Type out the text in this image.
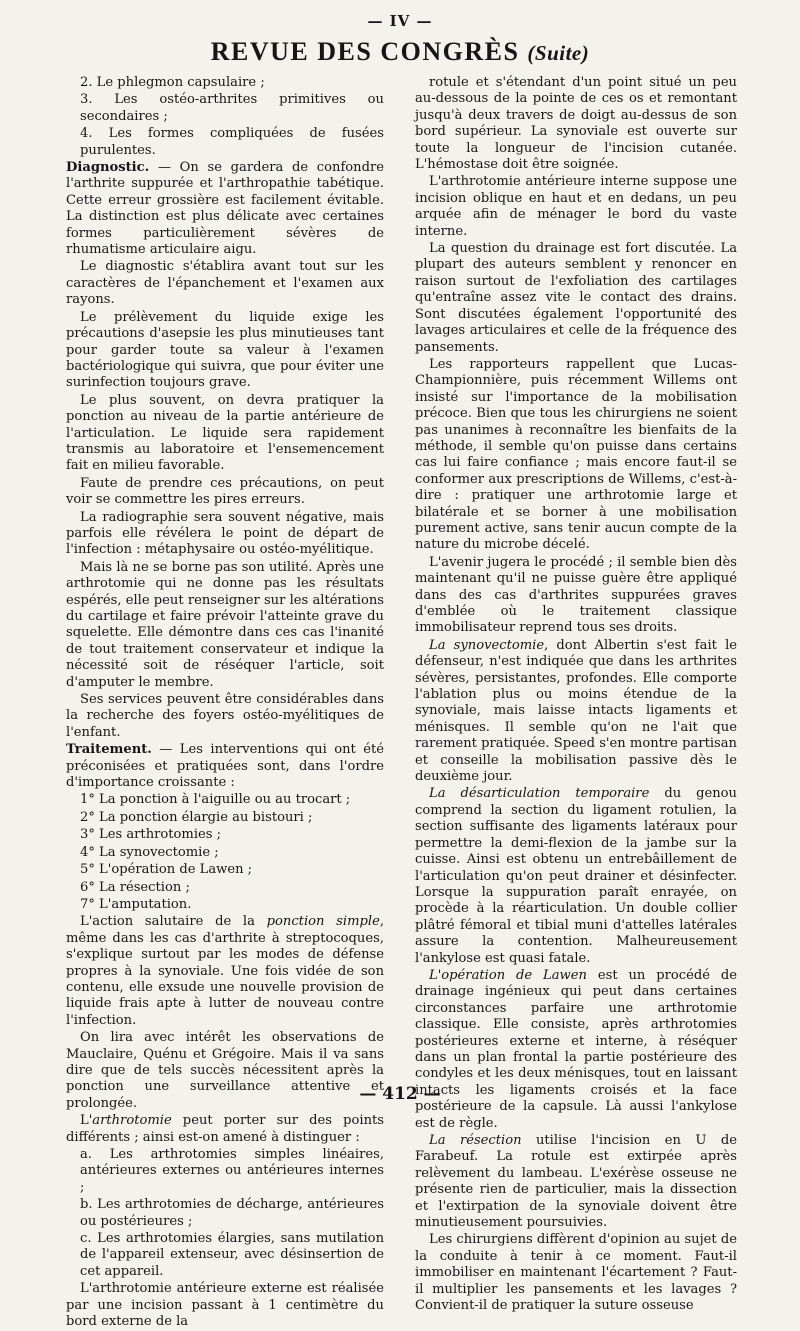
— IV —
REVUE DES CONGRÈS (Suite)

2. Le phlegmon capsulaire ;

3. Les ostéo-arthrites primitives ou secondaires ;

4. Les formes compliquées de fusées purulentes.

Diagnostic. — On se gardera de confondre l'arthrite suppurée et l'arthropathie tabétique. Cette erreur grossière est facilement évitable. La distinction est plus délicate avec certaines formes particulièrement sévères de rhumatisme articulaire aigu.

Le diagnostic s'établira avant tout sur les caractères de l'épanchement et l'examen aux rayons.

Le prélèvement du liquide exige les précautions d'asepsie les plus minutieuses tant pour garder toute sa valeur à l'examen bactériologique qui suivra, que pour éviter une surinfection toujours grave.

Le plus souvent, on devra pratiquer la ponction au niveau de la partie antérieure de l'articulation. Le liquide sera rapidement transmis au laboratoire et l'ensemencement fait en milieu favorable.

Faute de prendre ces précautions, on peut voir se commettre les pires erreurs.

La radiographie sera souvent négative, mais parfois elle révélera le point de départ de l'infection : métaphysaire ou ostéo-myélitique.

Mais là ne se borne pas son utilité. Après une arthrotomie qui ne donne pas les résultats espérés, elle peut renseigner sur les altérations du cartilage et faire prévoir l'atteinte grave du squelette. Elle démontre dans ces cas l'inanité de tout traitement conservateur et indique la nécessité soit de réséquer l'article, soit d'amputer le membre.

Ses services peuvent être considérables dans la recherche des foyers ostéo-myélitiques de l'enfant.

Traitement. — Les interventions qui ont été préconisées et pratiquées sont, dans l'ordre d'importance croissante :

1° La ponction à l'aiguille ou au trocart ;

2° La ponction élargie au bistouri ;

3° Les arthrotomies ;

4° La synovectomie ;

5° L'opération de Lawen ;

6° La résection ;

7° L'amputation.

L'action salutaire de la ponction simple, même dans les cas d'arthrite à streptocoques, s'explique surtout par les modes de défense propres à la synoviale. Une fois vidée de son contenu, elle exsude une nouvelle provision de liquide frais apte à lutter de nouveau contre l'infection.

On lira avec intérêt les observations de Mauclaire, Quénu et Grégoire. Mais il va sans dire que de tels succès nécessitent après la ponction une surveillance attentive et prolongée.

L'arthrotomie peut porter sur des points différents ; ainsi est-on amené à distinguer :

a. Les arthrotomies simples linéaires, antérieures externes ou antérieures internes ;

b. Les arthrotomies de décharge, antérieures ou postérieures ;

c. Les arthrotomies élargies, sans mutilation de l'appareil extenseur, avec désinsertion de cet appareil.

L'arthrotomie antérieure externe est réalisée par une incision passant à 1 centimètre du bord externe de la

rotule et s'étendant d'un point situé un peu au-dessous de la pointe de ces os et remontant jusqu'à deux travers de doigt au-dessus de son bord supérieur. La synoviale est ouverte sur toute la longueur de l'incision cutanée. L'hémostase doit être soignée.

L'arthrotomie antérieure interne suppose une incision oblique en haut et en dedans, un peu arquée afin de ménager le bord du vaste interne.

La question du drainage est fort discutée. La plupart des auteurs semblent y renoncer en raison surtout de l'exfoliation des cartilages qu'entraîne assez vite le contact des drains. Sont discutées également l'opportunité des lavages articulaires et celle de la fréquence des pansements.

Les rapporteurs rappellent que Lucas-Championnière, puis récemment Willems ont insisté sur l'importance de la mobilisation précoce. Bien que tous les chirurgiens ne soient pas unanimes à reconnaître les bienfaits de la méthode, il semble qu'on puisse dans certains cas lui faire confiance ; mais encore faut-il se conformer aux prescriptions de Willems, c'est-à-dire : pratiquer une arthrotomie large et bilatérale et se borner à une mobilisation purement active, sans tenir aucun compte de la nature du microbe décelé.

L'avenir jugera le procédé ; il semble bien dès maintenant qu'il ne puisse guère être appliqué dans des cas d'arthrites suppurées graves d'emblée où le traitement classique immobilisateur reprend tous ses droits.

La synovectomie, dont Albertin s'est fait le défenseur, n'est indiquée que dans les arthrites sévères, persistantes, profondes. Elle comporte l'ablation plus ou moins étendue de la synoviale, mais laisse intacts ligaments et ménisques. Il semble qu'on ne l'ait que rarement pratiquée. Speed s'en montre partisan et conseille la mobilisation passive dès le deuxième jour.

La désarticulation temporaire du genou comprend la section du ligament rotulien, la section suffisante des ligaments latéraux pour permettre la demi-flexion de la jambe sur la cuisse. Ainsi est obtenu un entrebâillement de l'articulation qu'on peut drainer et désinfecter. Lorsque la suppuration paraît enrayée, on procède à la réarticulation. Un double collier plâtré fémoral et tibial muni d'attelles latérales assure la contention. Malheureusement l'ankylose est quasi fatale.

L'opération de Lawen est un procédé de drainage ingénieux qui peut dans certaines circonstances parfaire une arthrotomie classique. Elle consiste, après arthrotomies postérieures externe et interne, à réséquer dans un plan frontal la partie postérieure des condyles et les deux ménisques, tout en laissant intacts les ligaments croisés et la face postérieure de la capsule. Là aussi l'ankylose est de règle.

La résection utilise l'incision en U de Farabeuf. La rotule est extirpée après relèvement du lambeau. L'exérèse osseuse ne présente rien de particulier, mais la dissection et l'extirpation de la synoviale doivent être minutieusement poursuivies.

Les chirurgiens diffèrent d'opinion au sujet de la conduite à tenir à ce moment. Faut-il immobiliser en maintenant l'écartement ? Faut-il multiplier les pansements et les lavages ? Convient-il de pratiquer la suture osseuse

— 412 —
